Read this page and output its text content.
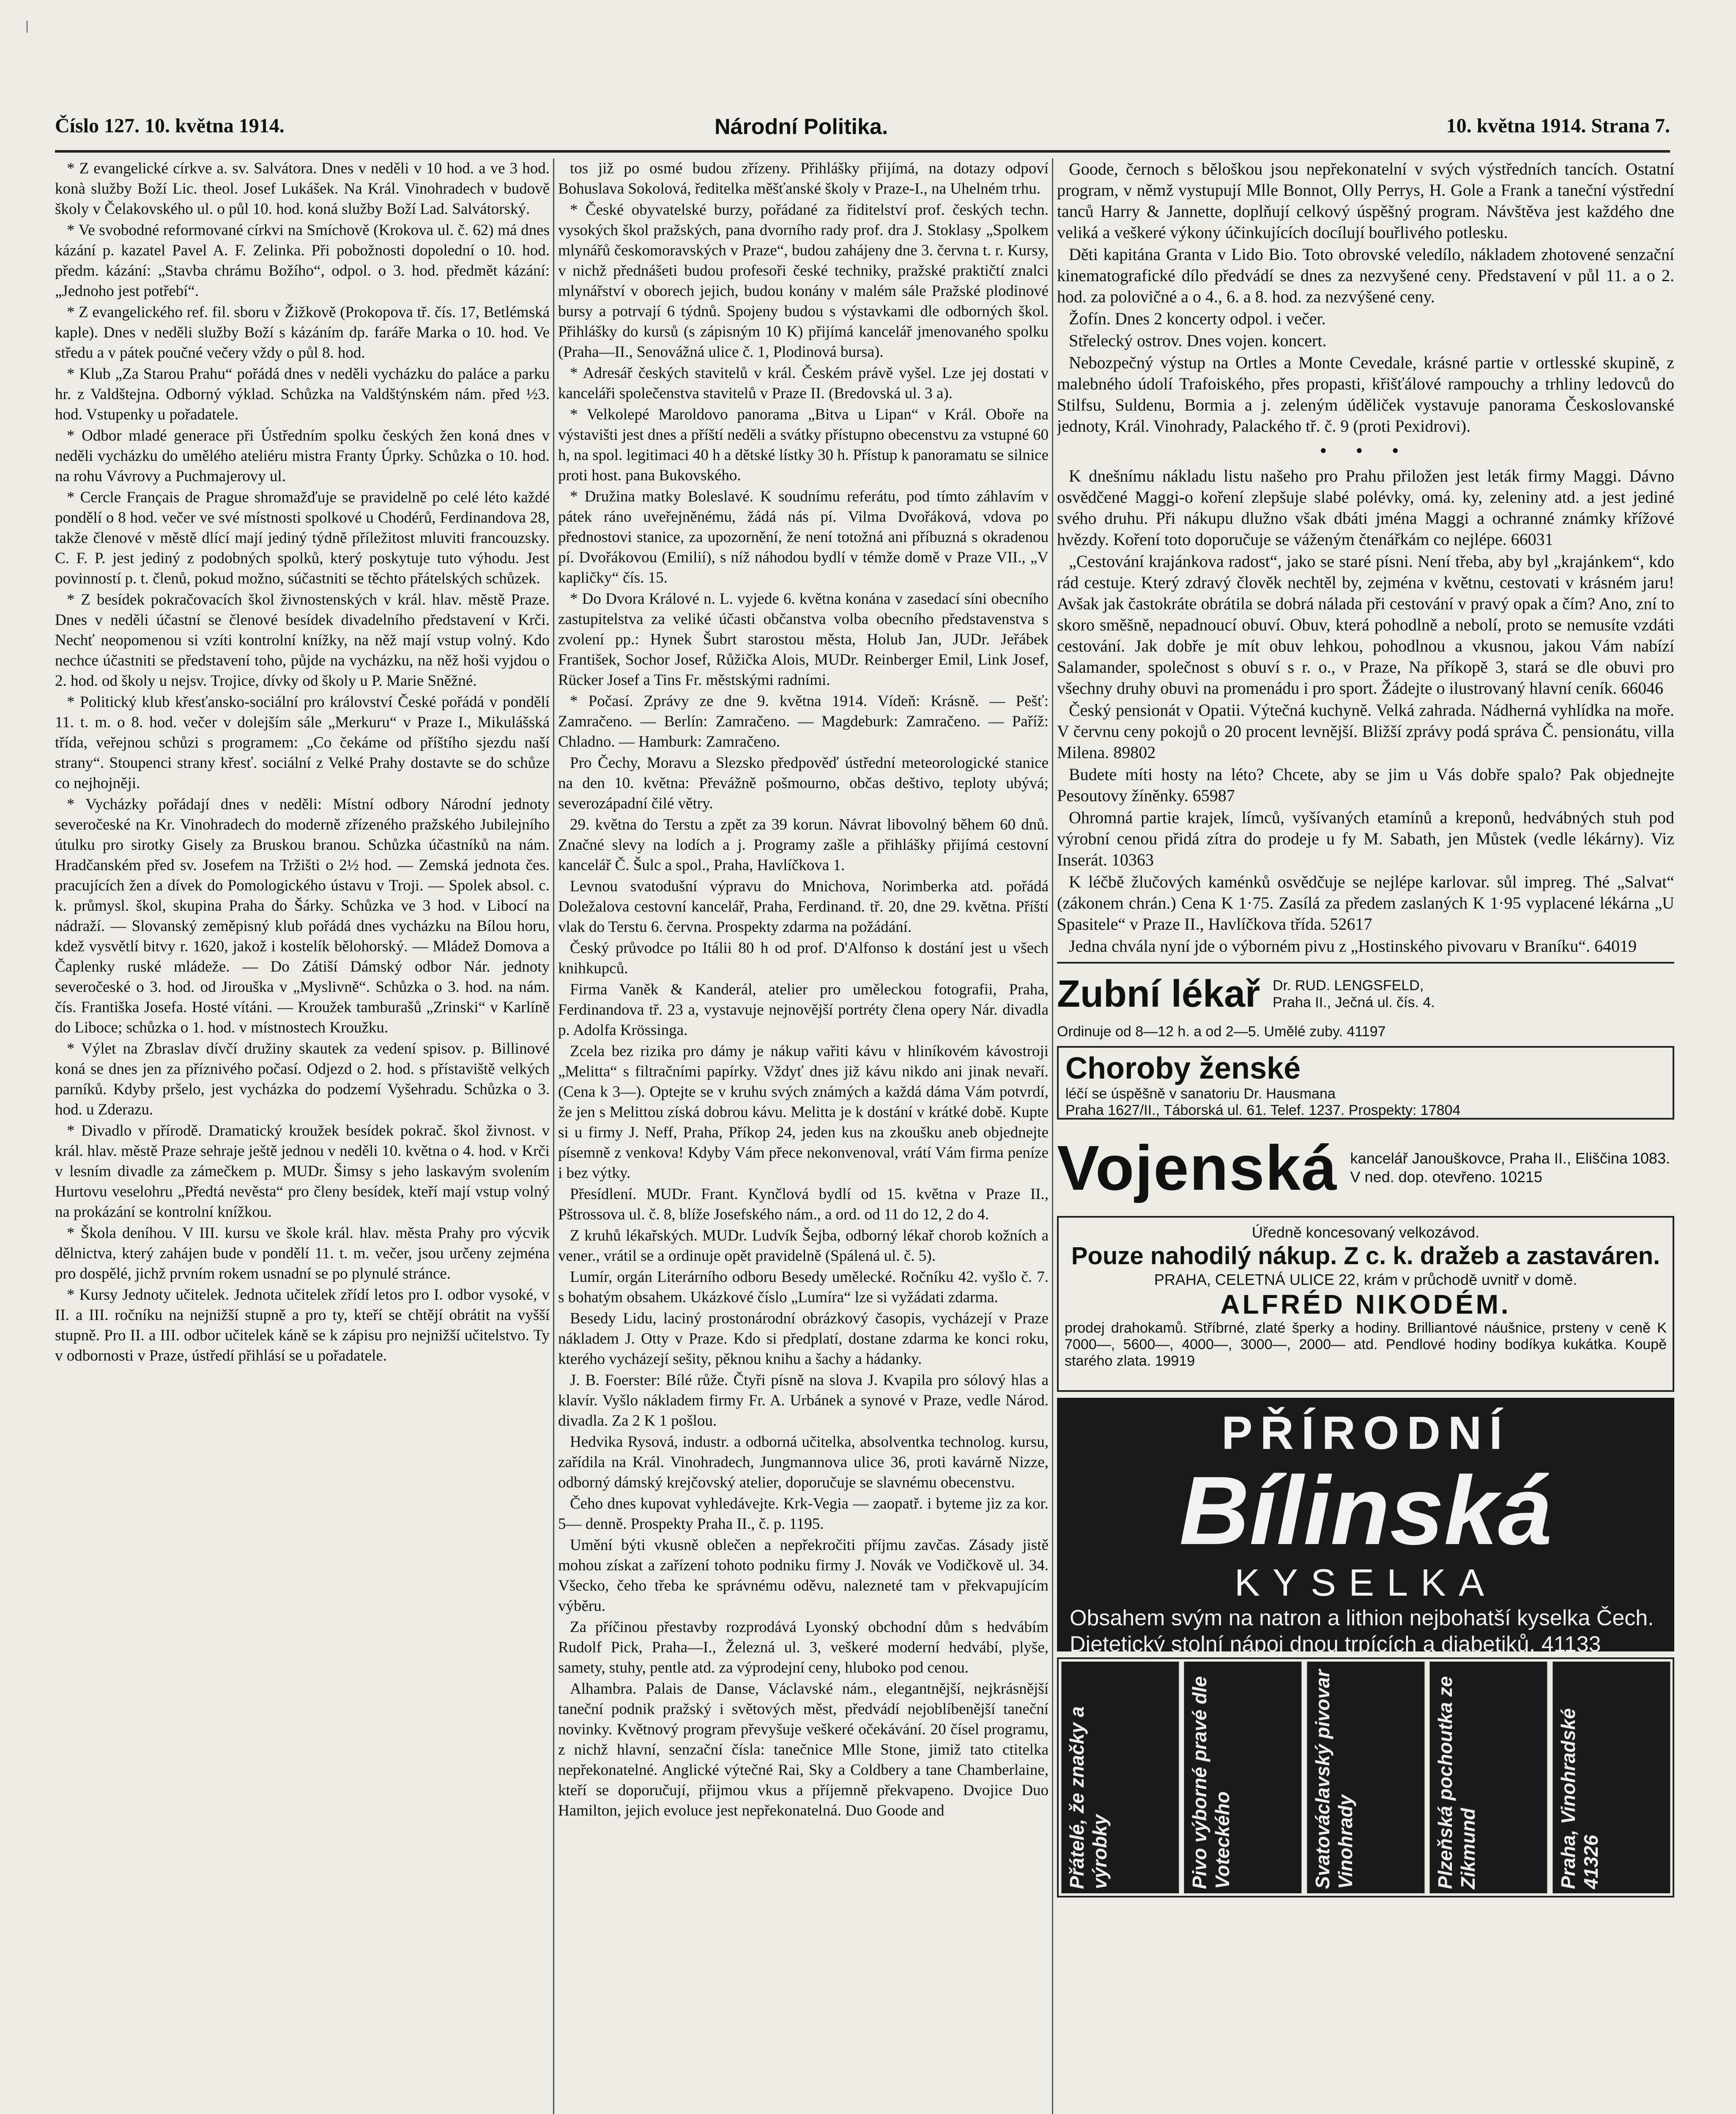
ǀ
Číslo 127. 10. května 1914.	Národní Politika.	10. května 1914. Strana 7.

* Z evangelické církve a. sv. Salvátora. Dnes v neděli v 10 hod. a ve 3 hod. konà služby Boží Lic. theol. Josef Lukášek. Na Král. Vinohradech v budově školy v Čelakovského ul. o půl 10. hod. koná služby Boží Lad. Salvátorský.

* Ve svobodné reformované církvi na Smíchově (Krokova ul. č. 62) má dnes kázání p. kazatel Pavel A. F. Zelinka. Při pobožnosti dopolední o 10. hod. předm. kázání: „Stavba chrámu Božího“, odpol. o 3. hod. předmět kázání: „Jednoho jest potřebí“.

* Z evangelického ref. fil. sboru v Žižkově (Prokopova tř. čís. 17, Betlémská kaple). Dnes v neděli služby Boží s kázáním dp. faráře Marka o 10. hod. Ve středu a v pátek poučné večery vždy o půl 8. hod.

* Klub „Za Starou Prahu“ pořádá dnes v neděli vycházku do paláce a parku hr. z Valdštejna. Odborný výklad. Schůzka na Valdštýnském nám. před ½3. hod. Vstupenky u pořadatele.

* Odbor mladé generace při Ústředním spolku českých žen koná dnes v neděli vycházku do umělého ateliéru mistra Franty Úprky. Schůzka o 10. hod. na rohu Vávrovy a Puchmajerovy ul.

* Cercle Français de Prague shromažďuje se pravidelně po celé léto každé pondělí o 8 hod. večer ve své místnosti spolkové u Chodérů, Ferdinandova 28, takže členové v městě dlící mají jediný týdně příležitost mluviti francouzsky. C. F. P. jest jediný z podobných spolků, který poskytuje tuto výhodu. Jest povinností p. t. členů, pokud možno, súčastniti se těchto přátelských schůzek.

* Z besídek pokračovacích škol živnostenských v král. hlav. městě Praze. Dnes v neděli účastní se členové besídek divadelního představení v Krči. Nechť neopomenou si vzíti kontrolní knížky, na něž mají vstup volný. Kdo nechce účastniti se představení toho, půjde na vycházku, na něž hoši vyjdou o 2. hod. od školy u nejsv. Trojice, dívky od školy u P. Marie Sněžné.

* Politický klub křesťansko-sociální pro království České pořádá v pondělí 11. t. m. o 8. hod. večer v dolejším sále „Merkuru“ v Praze I., Mikulášská třída, veřejnou schůzi s programem: „Co čekáme od příštího sjezdu naší strany“. Stoupenci strany křesť. sociální z Velké Prahy dostavte se do schůze co nejhojněji.

* Vycházky pořádají dnes v neděli: Místní odbory Národní jednoty severočeské na Kr. Vinohradech do moderně zřízeného pražského Jubilejního útulku pro sirotky Gisely za Bruskou branou. Schůzka účastníků na nám. Hradčanském před sv. Josefem na Tržišti o 2½ hod. — Zemská jednota čes. pracujících žen a dívek do Pomologického ústavu v Troji. — Spolek absol. c. k. průmysl. škol, skupina Praha do Šárky. Schůzka ve 3 hod. v Libocí na nádraží. — Slovanský zeměpisný klub pořádá dnes vycházku na Bílou horu, kdež vysvětlí bitvy r. 1620, jakož i kostelík bělohorský. — Mládež Domova a Čaplenky ruské mládeže. — Do Zátiší Dámský odbor Nár. jednoty severočeské o 3. hod. od Jirouška v „Myslivně“. Schůzka o 3. hod. na nám. čís. Františka Josefa. Hosté vítáni. — Kroužek tamburašů „Zrinski“ v Karlíně do Liboce; schůzka o 1. hod. v místnostech Kroužku.

* Výlet na Zbraslav dívčí družiny skautek za vedení spisov. p. Billinové koná se dnes jen za příznivého počasí. Odjezd o 2. hod. s přístaviště velkých parníků. Kdyby pršelo, jest vycházka do podzemí Vyšehradu. Schůzka o 3. hod. u Zderazu.

* Divadlo v přírodě. Dramatický kroužek besídek pokrač. škol živnost. v král. hlav. městě Praze sehraje ještě jednou v neděli 10. května o 4. hod. v Krči v lesním divadle za zámečkem p. MUDr. Šimsy s jeho laskavým svolením Hurtovu veselohru „Předtá nevěsta“ pro členy besídek, kteří mají vstup volný na prokázání se kontrolní knížkou.

* Škola deníhou. V III. kursu ve škole král. hlav. města Prahy pro výcvik dělnictva, který zahájen bude v pondělí 11. t. m. večer, jsou určeny zejména pro dospělé, jichž prvním rokem usnadní se po plynulé stránce.

* Kursy Jednoty učitelek. Jednota učitelek zřídí letos pro I. odbor vysoké, v II. a III. ročníku na nejnižší stupně a pro ty, kteří se chtějí obrátit na vyšší stupně. Pro II. a III. odbor učitelek káně se k zápisu pro nejnižší učitelstvo. Ty v odbornosti v Praze, ústředí přihlásí se u pořadatele.

tos již po osmé budou zřízeny. Přihlášky přijímá, na dotazy odpoví Bohuslava Sokolová, ředitelka měšťanské školy v Praze-I., na Uhelném trhu.

* České obyvatelské burzy, pořádané za řiditelství prof. českých techn. vysokých škol pražských, pana dvorního rady prof. dra J. Stoklasy „Spolkem mlynářů českomoravských v Praze“, budou zahájeny dne 3. června t. r. Kursy, v nichž přednášeti budou profesoři české techniky, pražské praktičtí znalci mlynářství v oborech jejich, budou konány v malém sále Pražské plodinové bursy a potrvají 6 týdnů. Spojeny budou s výstavkami dle odborných škol. Přihlášky do kursů (s zápisným 10 K) přijímá kancelář jmenovaného spolku (Praha—II., Senovážná ulice č. 1, Plodinová bursa).

* Adresář českých stavitelů v král. Českém právě vyšel. Lze jej dostati v kanceláři společenstva stavitelů v Praze II. (Bredovská ul. 3 a).

* Velkolepé Maroldovo panorama „Bitva u Lipan“ v Král. Oboře na výstavišti jest dnes a příští neděli a svátky přístupno obecenstvu za vstupné 60 h, na spol. legitimaci 40 h a dětské lístky 30 h. Přístup k panoramatu se silnice proti host. pana Bukovského.

* Družina matky Boleslavé. K soudnímu referátu, pod tímto záhlavím v pátek ráno uveřejněnému, žádá nás pí. Vilma Dvořáková, vdova po přednostovi stanice, za upozornění, že není totožná ani příbuzná s okradenou pí. Dvořákovou (Emilií), s níž náhodou bydlí v témže domě v Praze VII., „V kapličky“ čís. 15.

* Do Dvora Králové n. L. vyjede 6. května konána v zasedací síni obecního zastupitelstva za veliké účasti občanstva volba obecního představenstva s zvolení pp.: Hynek Šubrt starostou města, Holub Jan, JUDr. Jeřábek František, Sochor Josef, Růžička Alois, MUDr. Reinberger Emil, Link Josef, Rücker Josef a Tins Fr. městskými radními.

* Počasí. Zprávy ze dne 9. května 1914. Vídeň: Krásně. — Pešť: Zamračeno. — Berlín: Zamračeno. — Magdeburk: Zamračeno. — Paříž: Chladno. — Hamburk: Zamračeno.

Pro Čechy, Moravu a Slezsko předpověď ústřední meteorologické stanice na den 10. května: Převážně pošmourno, občas deštivo, teploty ubývá; severozápadní čilé větry.

29. května do Terstu a zpět za 39 korun. Návrat libovolný během 60 dnů. Značné slevy na lodích a j. Programy zašle a přihlášky přijímá cestovní kancelář Č. Šulc a spol., Praha, Havlíčkova 1.

Levnou svatodušní výpravu do Mnichova, Norimberka atd. pořádá Doležalova cestovní kancelář, Praha, Ferdinand. tř. 20, dne 29. května. Příští vlak do Terstu 6. června. Prospekty zdarma na požádání.

Český průvodce po Itálii 80 h od prof. D'Alfonso k dostání jest u všech knihkupců.

Firma Vaněk & Kanderál, atelier pro uměleckou fotografii, Praha, Ferdinandova tř. 23 a, vystavuje nejnovější portréty člena opery Nár. divadla p. Adolfa Krössinga.

Zcela bez rizika pro dámy je nákup vařiti kávu v hliníkovém kávostroji „Melitta“ s filtračními papírky. Vždyť dnes již kávu nikdo ani jinak nevaří. (Cena k 3—). Optejte se v kruhu svých známých a každá dáma Vám potvrdí, že jen s Melittou získá dobrou kávu. Melitta je k dostání v krátké době. Kupte si u firmy J. Neff, Praha, Příkop 24, jeden kus na zkoušku aneb objednejte písemně z venkova! Kdyby Vám přece nekonvenoval, vrátí Vám firma peníze i bez výtky.

Přesídlení. MUDr. Frant. Kynčlová bydlí od 15. května v Praze II., Pštrossova ul. č. 8, blíže Josefského nám., a ord. od 11 do 12, 2 do 4.

Z kruhů lékařských. MUDr. Ludvík Šejba, odborný lékař chorob kožních a vener., vrátil se a ordinuje opět pravidelně (Spálená ul. č. 5).

Lumír, orgán Literárního odboru Besedy umělecké. Ročníku 42. vyšlo č. 7. s bohatým obsahem. Ukázkové číslo „Lumíra“ lze si vyžádati zdarma.

Besedy Lidu, laciný prostonárodní obrázkový časopis, vycházejí v Praze nákladem J. Otty v Praze. Kdo si předplatí, dostane zdarma ke konci roku, kterého vycházejí sešity, pěknou knihu a šachy a hádanky.

J. B. Foerster: Bílé růže. Čtyři písně na slova J. Kvapila pro sólový hlas a klavír. Vyšlo nákladem firmy Fr. A. Urbánek a synové v Praze, vedle Národ. divadla. Za 2 K 1 pošlou.

Hedvika Rysová, industr. a odborná učitelka, absolventka technolog. kursu, zařídila na Král. Vinohradech, Jungmannova ulice 36, proti kavárně Nizze, odborný dámský krejčovský atelier, doporučuje se slavnému obecenstvu.

Čeho dnes kupovat vyhledávejte. Krk-Vegia — zaopatř. i byteme jiz za kor. 5— denně. Prospekty Praha II., č. p. 1195.

Umění býti vkusně oblečen a nepřekročiti příjmu zavčas. Zásady jistě mohou získat a zařízení tohoto podniku firmy J. Novák ve Vodičkově ul. 34. Všecko, čeho třeba ke správnému oděvu, nalezneté tam v překvapujícím výběru.

Za příčinou přestavby rozprodává Lyonský obchodní dům s hedvábím Rudolf Pick, Praha—I., Železná ul. 3, veškeré moderní hedvábí, plyše, samety, stuhy, pentle atd. za výprodejní ceny, hluboko pod cenou.

Alhambra. Palais de Danse, Václavské nám., elegantnější, nejkrásnější taneční podnik pražský i světových měst, předvádí nejoblíbenější taneční novinky. Květnový program převyšuje veškeré očekávání. 20 čísel programu, z nichž hlavní, senzační čísla: tanečnice Mlle Stone, jimiž tato ctitelka nepřekonatelné. Anglické výtečné Rai, Sky a Coldbery a tane Chamberlaine, kteří se doporučují, přijmou vkus a příjemně překvapeno. Dvojice Duo Hamilton, jejich evoluce jest nepřekonatelná. Duo Goode and

Goode, černoch s běloškou jsou nepřekonatelní v svých výstředních tancích. Ostatní program, v němž vystupují Mlle Bonnot, Olly Perrys, H. Gole a Frank a taneční výstřední tanců Harry & Jannette, doplňují celkový úspěšný program. Návštěva jest každého dne veliká a veškeré výkony účinkujících docílují bouřlivého potlesku.

Děti kapitána Granta v Lido Bio. Toto obrovské veledílo, nákladem zhotovené senzační kinematografické dílo předvádí se dnes za nezvyšené ceny. Představení v půl 11. a o 2. hod. za polovičné a o 4., 6. a 8. hod. za nezvýšené ceny.

Žofín. Dnes 2 koncerty odpol. i večer.

Střelecký ostrov. Dnes vojen. koncert.

Nebozpečný výstup na Ortles a Monte Cevedale, krásné partie v ortlesské skupině, z malebného údolí Trafoiského, přes propasti, křišťálové rampouchy a trhliny ledovců do Stilfsu, Suldenu, Bormia a j. zeleným úděliček vystavuje panorama Českoslovanské jednoty, Král. Vinohrady, Palackého tř. č. 9 (proti Pexidrovi).

• • •

K dnešnímu nákladu listu našeho pro Prahu přiložen jest leták firmy Maggi. Dávno osvědčené Maggi-o koření zlepšuje slabé polévky, omá. ky, zeleniny atd. a jest jediné svého druhu. Při nákupu dlužno však dbáti jména Maggi a ochranné známky křížové hvězdy. Koření toto doporučuje se váženým čtenářkám co nejlépe. 66031

„Cestování krajánkova radost“, jako se staré písni. Není třeba, aby byl „krajánkem“, kdo rád cestuje. Který zdravý člověk nechtěl by, zejména v květnu, cestovati v krásném jaru! Avšak jak častokráte obrátila se dobrá nálada při cestování v pravý opak a čím? Ano, zní to skoro směšně, nepadnoucí obuví. Obuv, která pohodlně a nebolí, proto se nemusíte vzdáti cestování. Jak dobře je mít obuv lehkou, pohodlnou a vkusnou, jakou Vám nabízí Salamander, společnost s obuví s r. o., v Praze, Na příkopě 3, stará se dle obuvi pro všechny druhy obuvi na promenádu i pro sport. Žádejte o ilustrovaný hlavní ceník. 66046

Český pensionát v Opatii. Výtečná kuchyně. Velká zahrada. Nádherná vyhlídka na moře. V červnu ceny pokojů o 20 procent levnější. Bližší zprávy podá správa Č. pensionátu, villa Milena. 89802

Budete míti hosty na léto? Chcete, aby se jim u Vás dobře spalo? Pak objednejte Pesoutovy žíněnky. 65987

Ohromná partie krajek, límců, vyšívaných etamínů a kreponů, hedvábných stuh pod výrobní cenou přidá zítra do prodeje u fy M. Sabath, jen Můstek (vedle lékárny). Viz Inserát. 10363

K léčbě žlučových kaménků osvědčuje se nejlépe karlovar. sůl impreg. Thé „Salvat“ (zákonem chrán.) Cena K 1·75. Zasílá za předem zaslaných K 1·95 vyplacené lékárna „U Spasitele“ v Praze II., Havlíčkova třída. 52617

Jedna chvála nyní jde o výborném pivu z „Hostinského pivovaru v Braníku“. 64019

Zubní lékař Dr. RUD. LENGSFELD,
Praha II., Ječná ul. čís. 4.
Ordinuje od 8—12 h. a od 2—5. Umělé zuby. 41197
Choroby ženské
léčí se úspěšně v sanatoriu Dr. Hausmana
Praha 1627/II., Táborská ul. 61. Telef. 1237. Prospekty: 17804
Vojenská kancelář Janouškovce, Praha II., Eliščina 1083. V ned. dop. otevřeno. 10215
Úředně koncesovaný velkozávod.
Pouze nahodilý nákup. Z c. k. dražeb a zastaváren.
PRAHA, CELETNÁ ULICE 22, krám v průchodě uvnitř v domě.
ALFRÉD NIKODÉM.
prodej drahokamů. Stříbrné, zlaté šperky a hodiny. Brilliantové náušnice, prsteny v ceně K 7000—, 5600—, 4000—, 3000—, 2000— atd. Pendlové hodiny bodíkya kukátka. Koupě starého zlata. 19919
PŘÍRODNÍ
Bílinská
KYSELKA
Obsahem svým na natron a lithion nejbohatší kyselka Čech. Dietetický stolní nápoj dnou trpících a diabetiků. 41133
Přátelé, že značky a výrobky	Pivo výborné pravé dle Voteckého	Svatováclavský pivovar Vinohrady	Plzeňská pochoutka ze Zikmund	Praha, Vinohradské 41326
